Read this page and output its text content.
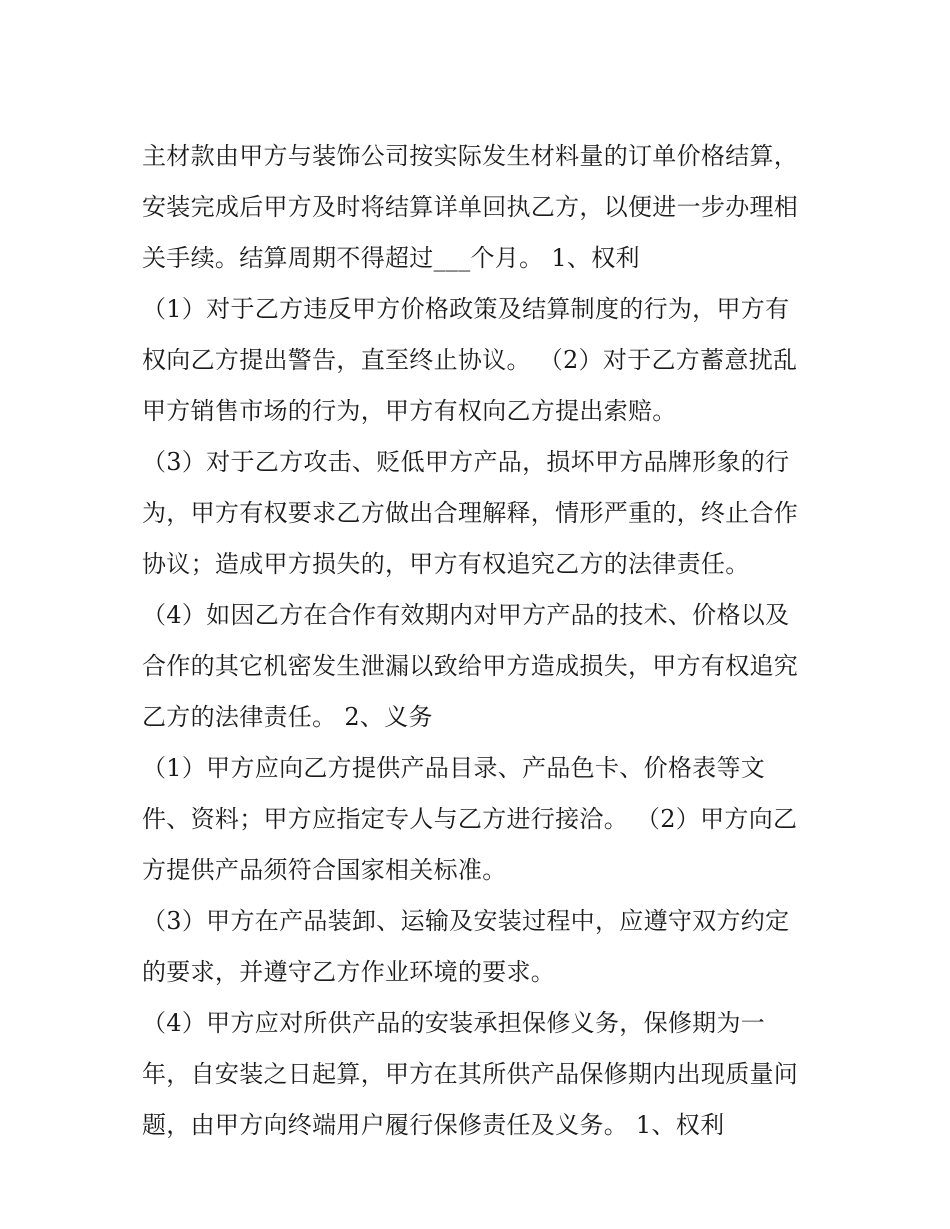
主材款由甲方与装饰公司按实际发生材料量的订单价格结算，
安装完成后甲方及时将结算详单回执乙方，以便进一步办理相
关手续。结算周期不得超过___个月。 1、权利
（1）对于乙方违反甲方价格政策及结算制度的行为，甲方有
权向乙方提出警告，直至终止协议。 （2）对于乙方蓄意扰乱
甲方销售市场的行为，甲方有权向乙方提出索赔。
（3）对于乙方攻击、贬低甲方产品，损坏甲方品牌形象的行
为，甲方有权要求乙方做出合理解释，情形严重的，终止合作
协议；造成甲方损失的，甲方有权追究乙方的法律责任。
（4）如因乙方在合作有效期内对甲方产品的技术、价格以及
合作的其它机密发生泄漏以致给甲方造成损失，甲方有权追究
乙方的法律责任。 2、义务
（1）甲方应向乙方提供产品目录、产品色卡、价格表等文
件、资料；甲方应指定专人与乙方进行接洽。 （2）甲方向乙
方提供产品须符合国家相关标准。
（3）甲方在产品装卸、运输及安装过程中，应遵守双方约定
的要求，并遵守乙方作业环境的要求。
（4）甲方应对所供产品的安装承担保修义务，保修期为一
年，自安装之日起算，甲方在其所供产品保修期内出现质量问
题，由甲方向终端用户履行保修责任及义务。 1、权利
